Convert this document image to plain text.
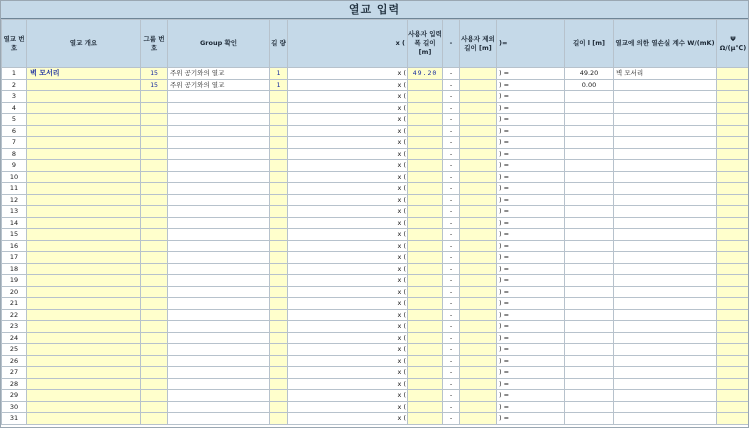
열교 입력
열교 번호	열교 개요	그룹 번호	Group 확인	길 량	x (	사용자 입력 폭 길이 [m]	-	사용자 제외 길이 [m]	)=	길이 l [m]	열교에 의한 열손실 계수 W/(mK)	Ψ Ω/(μ℃)
1	벽 모서리	15	주위 공기와의 열교	1	x (	49.20	-		) =	49.20	벽 모서리	
2		15	주위 공기와의 열교	1	x (		-		) =	0.00		
3					x (		-		) =			
4					x (		-		) =			
5					x (		-		) =			
6					x (		-		) =			
7					x (		-		) =			
8					x (		-		) =			
9					x (		-		) =			
10					x (		-		) =			
11					x (		-		) =			
12					x (		-		) =			
13					x (		-		) =			
14					x (		-		) =			
15					x (		-		) =			
16					x (		-		) =			
17					x (		-		) =			
18					x (		-		) =			
19					x (		-		) =			
20					x (		-		) =			
21					x (		-		) =			
22					x (		-		) =			
23					x (		-		) =			
24					x (		-		) =			
25					x (		-		) =			
26					x (		-		) =			
27					x (		-		) =			
28					x (		-		) =			
29					x (		-		) =			
30					x (		-		) =			
31					x (		-		) =			
